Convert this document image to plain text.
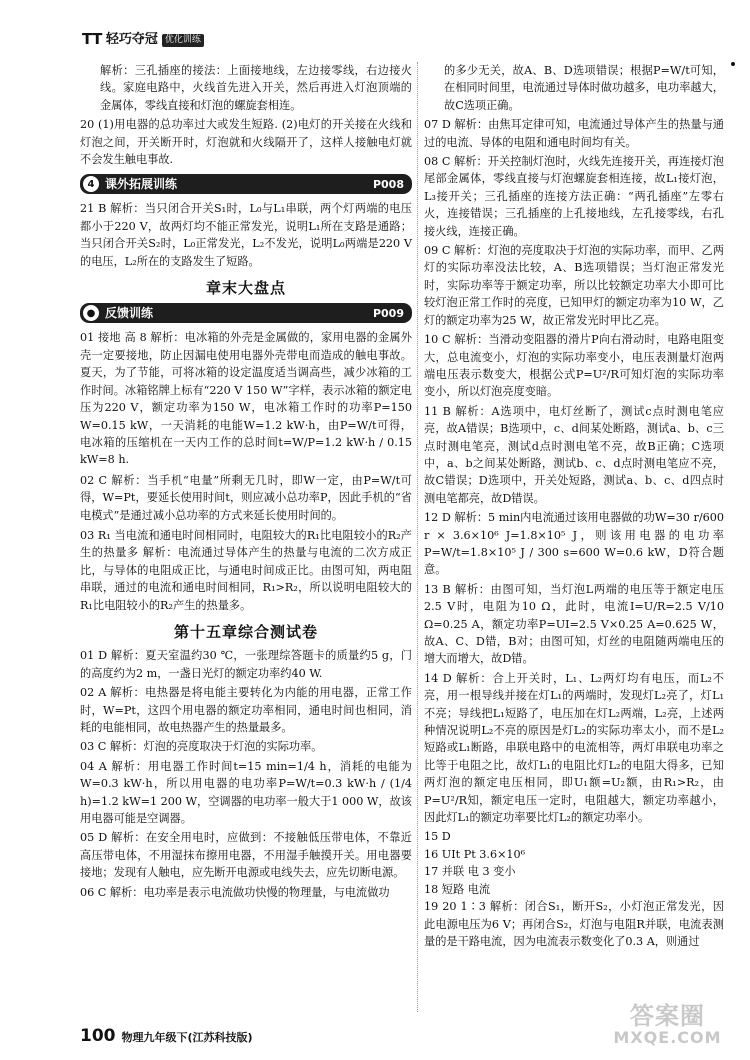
TT 轻巧夺冠 优化训练

解析：三孔插座的接法：上面接地线，左边接零线，右边接火线。家庭电路中，火线首先进入开关，然后再进入灯泡顶端的金属体，零线直接和灯泡的螺旋套相连。

20 (1)用电器的总功率过大或发生短路. (2)电灯的开关接在火线和灯泡之间，开关断开时，灯泡就和火线隔开了，这样人接触电灯就不会发生触电事故.

4 课外拓展训练	P008

21 B 解析：当只闭合开关S₁时，L₀与L₁串联，两个灯两端的电压都小于220 V，故两灯均不能正常发光，说明L₁所在支路是通路；当只闭合开关S₂时，L₀正常发光，L₂不发光，说明L₀两端是220 V的电压，L₂所在的支路发生了短路。

章末大盘点
● 反馈训练	P009

01 接地 高 8 解析：电冰箱的外壳是金属做的，家用电器的金属外壳一定要接地，防止因漏电使用电器外壳带电而造成的触电事故。夏天，为了节能，可将冰箱的设定温度适当调高些，减少冰箱的工作时间。冰箱铭牌上标有“220 V 150 W”字样，表示冰箱的额定电压为220 V，额定功率为150 W，电冰箱工作时的功率P=150 W=0.15 kW，一天消耗的电能W=1.2 kW·h，由P=W/t可得，电冰箱的压缩机在一天内工作的总时间t=W/P=1.2 kW·h / 0.15 kW=8 h.

02 C 解析：当手机“电量”所剩无几时，即W一定，由P=W/t可得，W=Pt，要延长使用时间t，则应减小总功率P，因此手机的“省电模式”是通过减小总功率的方式来延长使用时间的。

03 R₁ 当电流和通电时间相同时，电阻较大的R₁比电阻较小的R₂产生的热量多 解析：电流通过导体产生的热量与电流的二次方成正比，与导体的电阻成正比，与通电时间成正比。由图可知，两电阻串联，通过的电流和通电时间相同，R₁>R₂，所以说明电阻较大的R₁比电阻较小的R₂产生的热量多。

第十五章综合测试卷

01 D 解析：夏天室温约30 ℃，一张理综答题卡的质量约5 g，门的高度约为2 m，一盏日光灯的额定功率约40 W.

02 A 解析：电热器是将电能主要转化为内能的用电器，正常工作时，W=Pt，这四个用电器的额定功率相同，通电时间也相同，消耗的电能相同，故电热器产生的热量最多。

03 C 解析：灯泡的亮度取决于灯泡的实际功率。

04 A 解析：用电器工作时间t=15 min=1/4 h，消耗的电能为W=0.3 kW·h，所以用电器的电功率P=W/t=0.3 kW·h / (1/4 h)=1.2 kW=1 200 W，空调器的电功率一般大于1 000 W，故该用电器可能是空调器。

05 D 解析：在安全用电时，应做到：不接触低压带电体，不靠近高压带电体，不用湿抹布擦用电器，不用湿手触摸开关。用电器要接地；发现有人触电，应先断开电源或电线失去，应先切断电源。

06 C 解析：电功率是表示电流做功快慢的物理量，与电流做功

的多少无关，故A、B、D选项错误；根据P=W/t可知，在相同时间里，电流通过导体时做功越多，电功率越大，故C选项正确。

07 D 解析：由焦耳定律可知，电流通过导体产生的热量与通过的电流、导体的电阻和通电时间均有关。

08 C 解析：开关控制灯泡时，火线先连接开关，再连接灯泡尾部金属体，零线直接与灯泡螺旋套相连接，故L₁接灯泡，L₃接开关；三孔插座的连接方法正确：“两孔插座”左零右火，连接错误；三孔插座的上孔接地线，左孔接零线，右孔接火线，连接正确。

09 C 解析：灯泡的亮度取决于灯泡的实际功率，而甲、乙两灯的实际功率没法比较，A、B选项错误；当灯泡正常发光时，实际功率等于额定功率，所以比较额定功率大小即可比较灯泡正常工作时的亮度，已知甲灯的额定功率为10 W，乙灯的额定功率为25 W，故正常发光时甲比乙亮。

10 C 解析：当滑动变阻器的滑片P向右滑动时，电路电阻变大，总电流变小，灯泡的实际功率变小，电压表测量灯泡两端电压表示数变大，根据公式P=U²/R可知灯泡的实际功率变小，所以灯泡亮度变暗。

11 B 解析：A选项中，电灯丝断了，测试c点时测电笔应亮，故A错误；B选项中，c、d间某处断路，测试a、b、c三点时测电笔亮，测试d点时测电笔不亮，故B正确；C选项中，a、b之间某处断路，测试b、c、d点时测电笔应不亮，故C错误；D选项中，开关处短路，测试a、b、c、d四点时测电笔都亮，故D错误。

12 D 解析：5 min内电流通过该用电器做的功W=30 r/600 r × 3.6×10⁶ J=1.8×10⁵ J，则该用电器的电功率P=W/t=1.8×10⁵ J / 300 s=600 W=0.6 kW，D符合题意。

13 B 解析：由图可知，当灯泡L两端的电压等于额定电压2.5 V时，电阻为10 Ω，此时，电流I=U/R=2.5 V/10 Ω=0.25 A，额定功率P=UI=2.5 V×0.25 A=0.625 W，故A、C、D错，B对；由图可知，灯丝的电阻随两端电压的增大而增大，故D错。

14 D 解析：合上开关时，L₁、L₂两灯均有电压，而L₂不亮，用一根导线并接在灯L₁的两端时，发现灯L₂亮了，灯L₁不亮；导线把L₁短路了，电压加在灯L₂两端，L₂亮，上述两种情况说明L₂不亮的原因是灯L₂的实际功率太小，而不是L₂短路或L₁断路，串联电路中的电流相等，两灯串联电功率之比等于电阻之比，故灯L₁的电阻比灯L₂的电阻大得多，已知两灯泡的额定电压相同，即U₁额=U₂额，由R₁>R₂，由P=U²/R知，额定电压一定时，电阻越大，额定功率越小，因此灯L₁的额定功率要比灯L₂的额定功率小。

15 D

16 UIt Pt 3.6×10⁶

17 并联 电 3 变小

18 短路 电流

19 20 1∶3 解析：闭合S₁，断开S₂，小灯泡正常发光，因此电源电压为6 V；再闭合S₂，灯泡与电阻R并联，电流表测量的是干路电流，因为电流表示数变化了0.3 A，则通过

100 物理九年级下(江苏科技版)
答案圈
MXQE.COM
